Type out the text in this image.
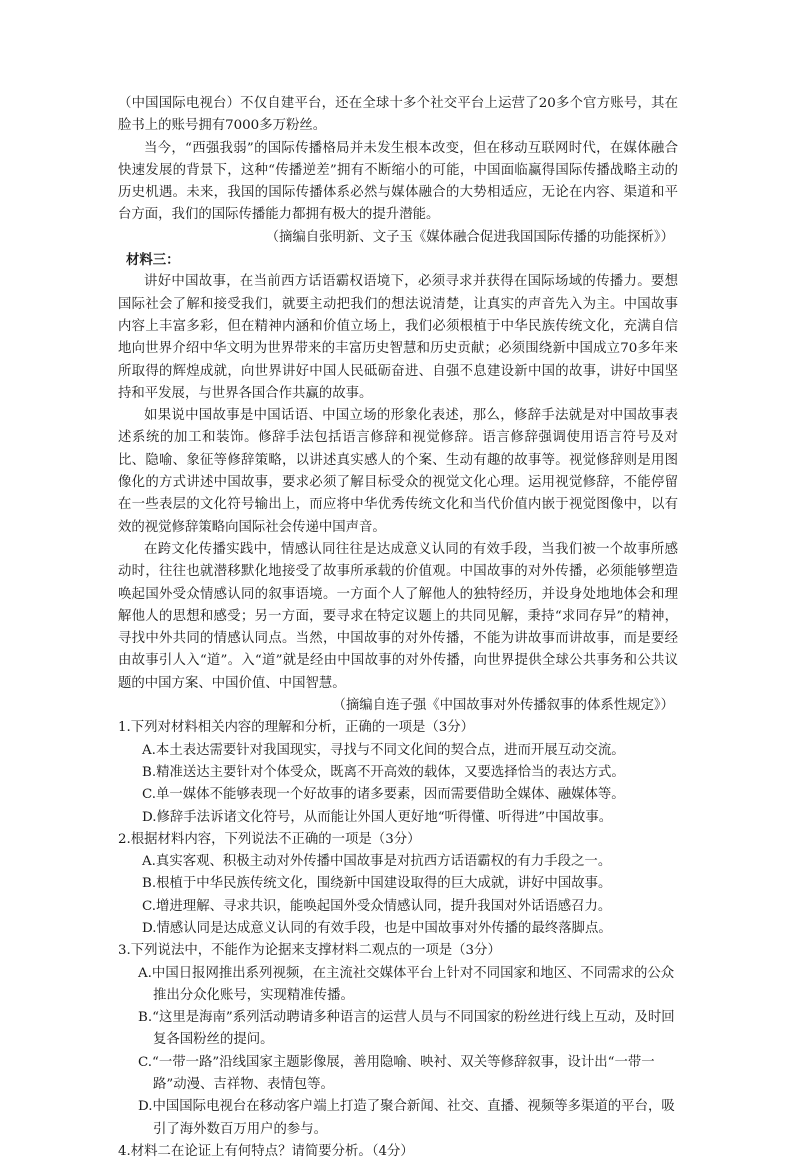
（中国国际电视台）不仅自建平台，还在全球十多个社交平台上运营了20多个官方账号，其在脸书上的账号拥有7000多万粉丝。

当今，“西强我弱”的国际传播格局并未发生根本改变，但在移动互联网时代，在媒体融合快速发展的背景下，这种“传播逆差”拥有不断缩小的可能，中国面临赢得国际传播战略主动的历史机遇。未来，我国的国际传播体系必然与媒体融合的大势相适应，无论在内容、渠道和平台方面，我们的国际传播能力都拥有极大的提升潜能。

（摘编自张明新、文子玉《媒体融合促进我国国际传播的功能探析》）

材料三：

讲好中国故事，在当前西方话语霸权语境下，必须寻求并获得在国际场域的传播力。要想国际社会了解和接受我们，就要主动把我们的想法说清楚，让真实的声音先入为主。中国故事内容上丰富多彩，但在精神内涵和价值立场上，我们必须根植于中华民族传统文化，充满自信地向世界介绍中华文明为世界带来的丰富历史智慧和历史贡献；必须围绕新中国成立70多年来所取得的辉煌成就，向世界讲好中国人民砥砺奋进、自强不息建设新中国的故事，讲好中国坚持和平发展，与世界各国合作共赢的故事。

如果说中国故事是中国话语、中国立场的形象化表述，那么，修辞手法就是对中国故事表述系统的加工和装饰。修辞手法包括语言修辞和视觉修辞。语言修辞强调使用语言符号及对比、隐喻、象征等修辞策略，以讲述真实感人的个案、生动有趣的故事等。视觉修辞则是用图像化的方式讲述中国故事，要求必须了解目标受众的视觉文化心理。运用视觉修辞，不能停留在一些表层的文化符号输出上，而应将中华优秀传统文化和当代价值内嵌于视觉图像中，以有效的视觉修辞策略向国际社会传递中国声音。

在跨文化传播实践中，情感认同往往是达成意义认同的有效手段，当我们被一个故事所感动时，往往也就潜移默化地接受了故事所承载的价值观。中国故事的对外传播，必须能够塑造唤起国外受众情感认同的叙事语境。一方面个人了解他人的独特经历，并设身处地地体会和理解他人的思想和感受；另一方面，要寻求在特定议题上的共同见解，秉持“求同存异”的精神，寻找中外共同的情感认同点。当然，中国故事的对外传播，不能为讲故事而讲故事，而是要经由故事引人入“道”。入“道”就是经由中国故事的对外传播，向世界提供全球公共事务和公共议题的中国方案、中国价值、中国智慧。

（摘编自连子强《中国故事对外传播叙事的体系性规定》）

1.下列对材料相关内容的理解和分析，正确的一项是（3分）

A.本土表达需要针对我国现实，寻找与不同文化间的契合点，进而开展互动交流。

B.精准送达主要针对个体受众，既离不开高效的载体，又要选择恰当的表达方式。

C.单一媒体不能够表现一个好故事的诸多要素，因而需要借助全媒体、融媒体等。

D.修辞手法诉诸文化符号，从而能让外国人更好地“听得懂、听得进”中国故事。

2.根据材料内容，下列说法不正确的一项是（3分）

A.真实客观、积极主动对外传播中国故事是对抗西方话语霸权的有力手段之一。

B.根植于中华民族传统文化，围绕新中国建设取得的巨大成就，讲好中国故事。

C.增进理解、寻求共识，能唤起国外受众情感认同，提升我国对外话语感召力。

D.情感认同是达成意义认同的有效手段，也是中国故事对外传播的最终落脚点。

3.下列说法中，不能作为论据来支撑材料二观点的一项是（3分）

A.中国日报网推出系列视频，在主流社交媒体平台上针对不同国家和地区、不同需求的公众推出分众化账号，实现精准传播。

B.“这里是海南”系列活动聘请多种语言的运营人员与不同国家的粉丝进行线上互动，及时回复各国粉丝的提问。

C.“一带一路”沿线国家主题影像展，善用隐喻、映衬、双关等修辞叙事，设计出“一带一路”动漫、吉祥物、表情包等。

D.中国国际电视台在移动客户端上打造了聚合新闻、社交、直播、视频等多渠道的平台，吸引了海外数百万用户的参与。

4.材料二在论证上有何特点？请简要分析。（4分）
